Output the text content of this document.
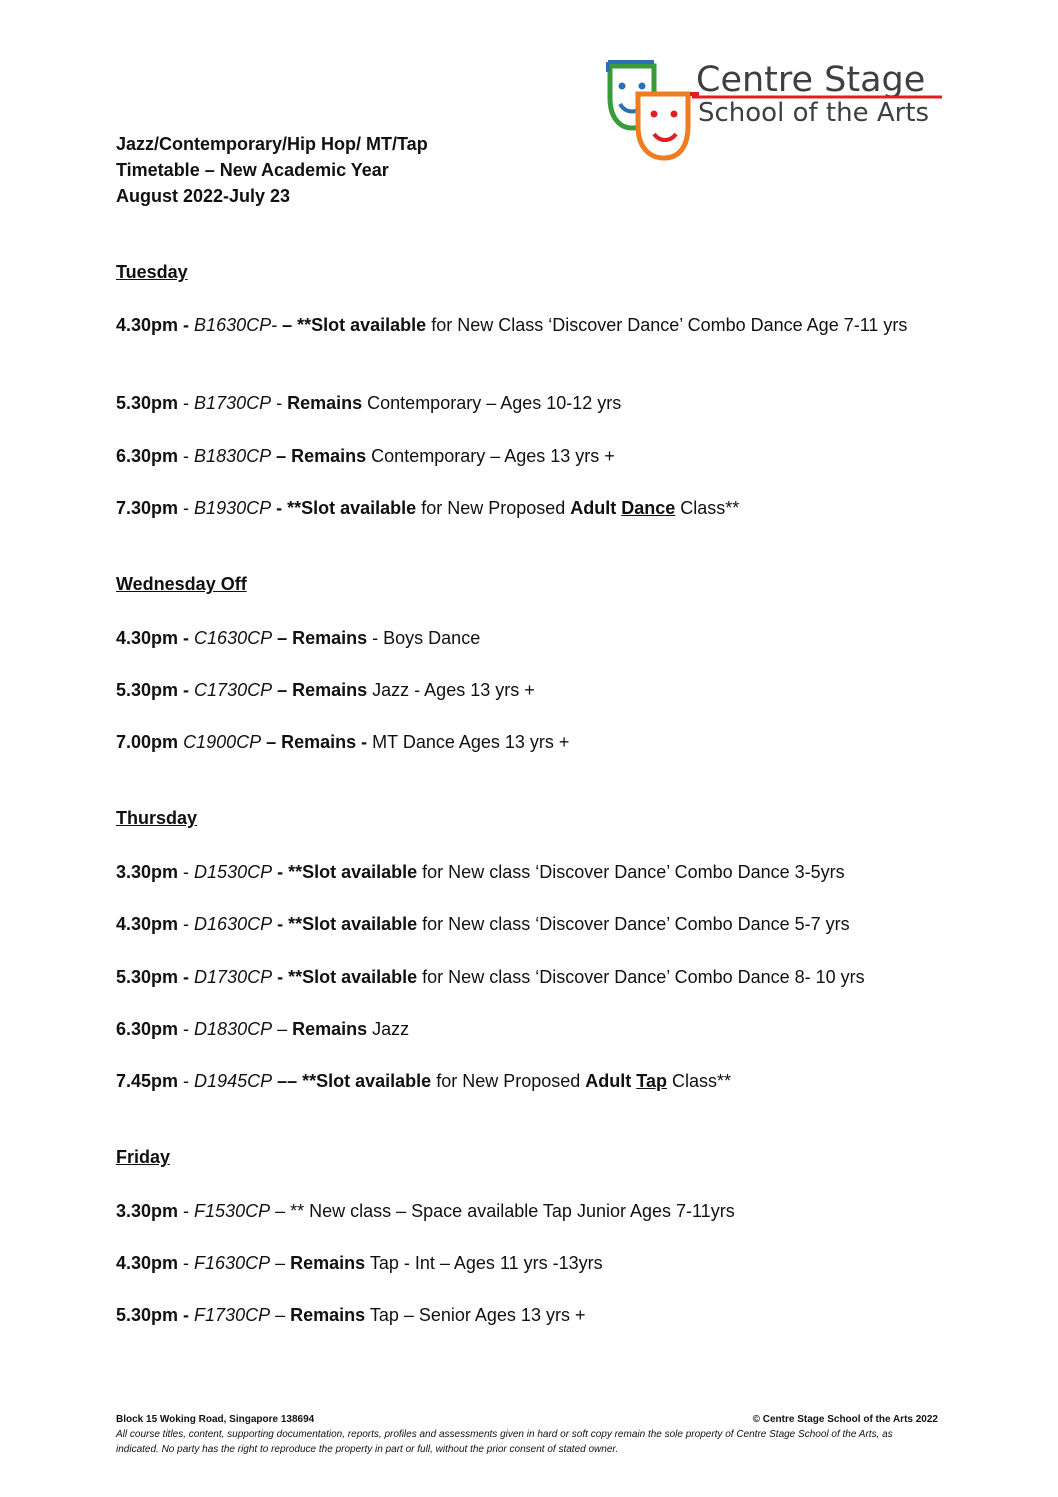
Centre Stage
School of the Arts
Jazz/Contemporary/Hip Hop/ MT/Tap
Timetable – New Academic Year
August 2022-July 23
Tuesday
4.30pm - B1630CP- – **Slot available for New Class ‘Discover Dance’ Combo Dance Age 7-11 yrs
5.30pm - B1730CP - Remains Contemporary – Ages 10-12 yrs
6.30pm - B1830CP – Remains Contemporary – Ages 13 yrs +
7.30pm - B1930CP - **Slot available for New Proposed Adult Dance Class**
Wednesday Off
4.30pm - C1630CP – Remains - Boys Dance
5.30pm - C1730CP – Remains Jazz - Ages 13 yrs +
7.00pm C1900CP – Remains - MT Dance Ages 13 yrs +
Thursday
3.30pm - D1530CP - **Slot available for New class ‘Discover Dance’ Combo Dance 3-5yrs
4.30pm - D1630CP - **Slot available for New class ‘Discover Dance’ Combo Dance 5-7 yrs
5.30pm - D1730CP - **Slot available for New class ‘Discover Dance’ Combo Dance 8- 10 yrs
6.30pm - D1830CP – Remains Jazz
7.45pm - D1945CP –– **Slot available for New Proposed Adult Tap Class**
Friday
3.30pm - F1530CP – ** New class – Space available Tap Junior Ages 7-11yrs
4.30pm - F1630CP – Remains Tap - Int – Ages 11 yrs -13yrs
5.30pm - F1730CP – Remains Tap – Senior Ages 13 yrs +
Block 15 Woking Road, Singapore 138694	© Centre Stage School of the Arts 2022
All course titles, content, supporting documentation, reports, profiles and assessments given in hard or soft copy remain the sole property of Centre Stage School of the Arts, as indicated. No party has the right to reproduce the property in part or full, without the prior consent of stated owner.
